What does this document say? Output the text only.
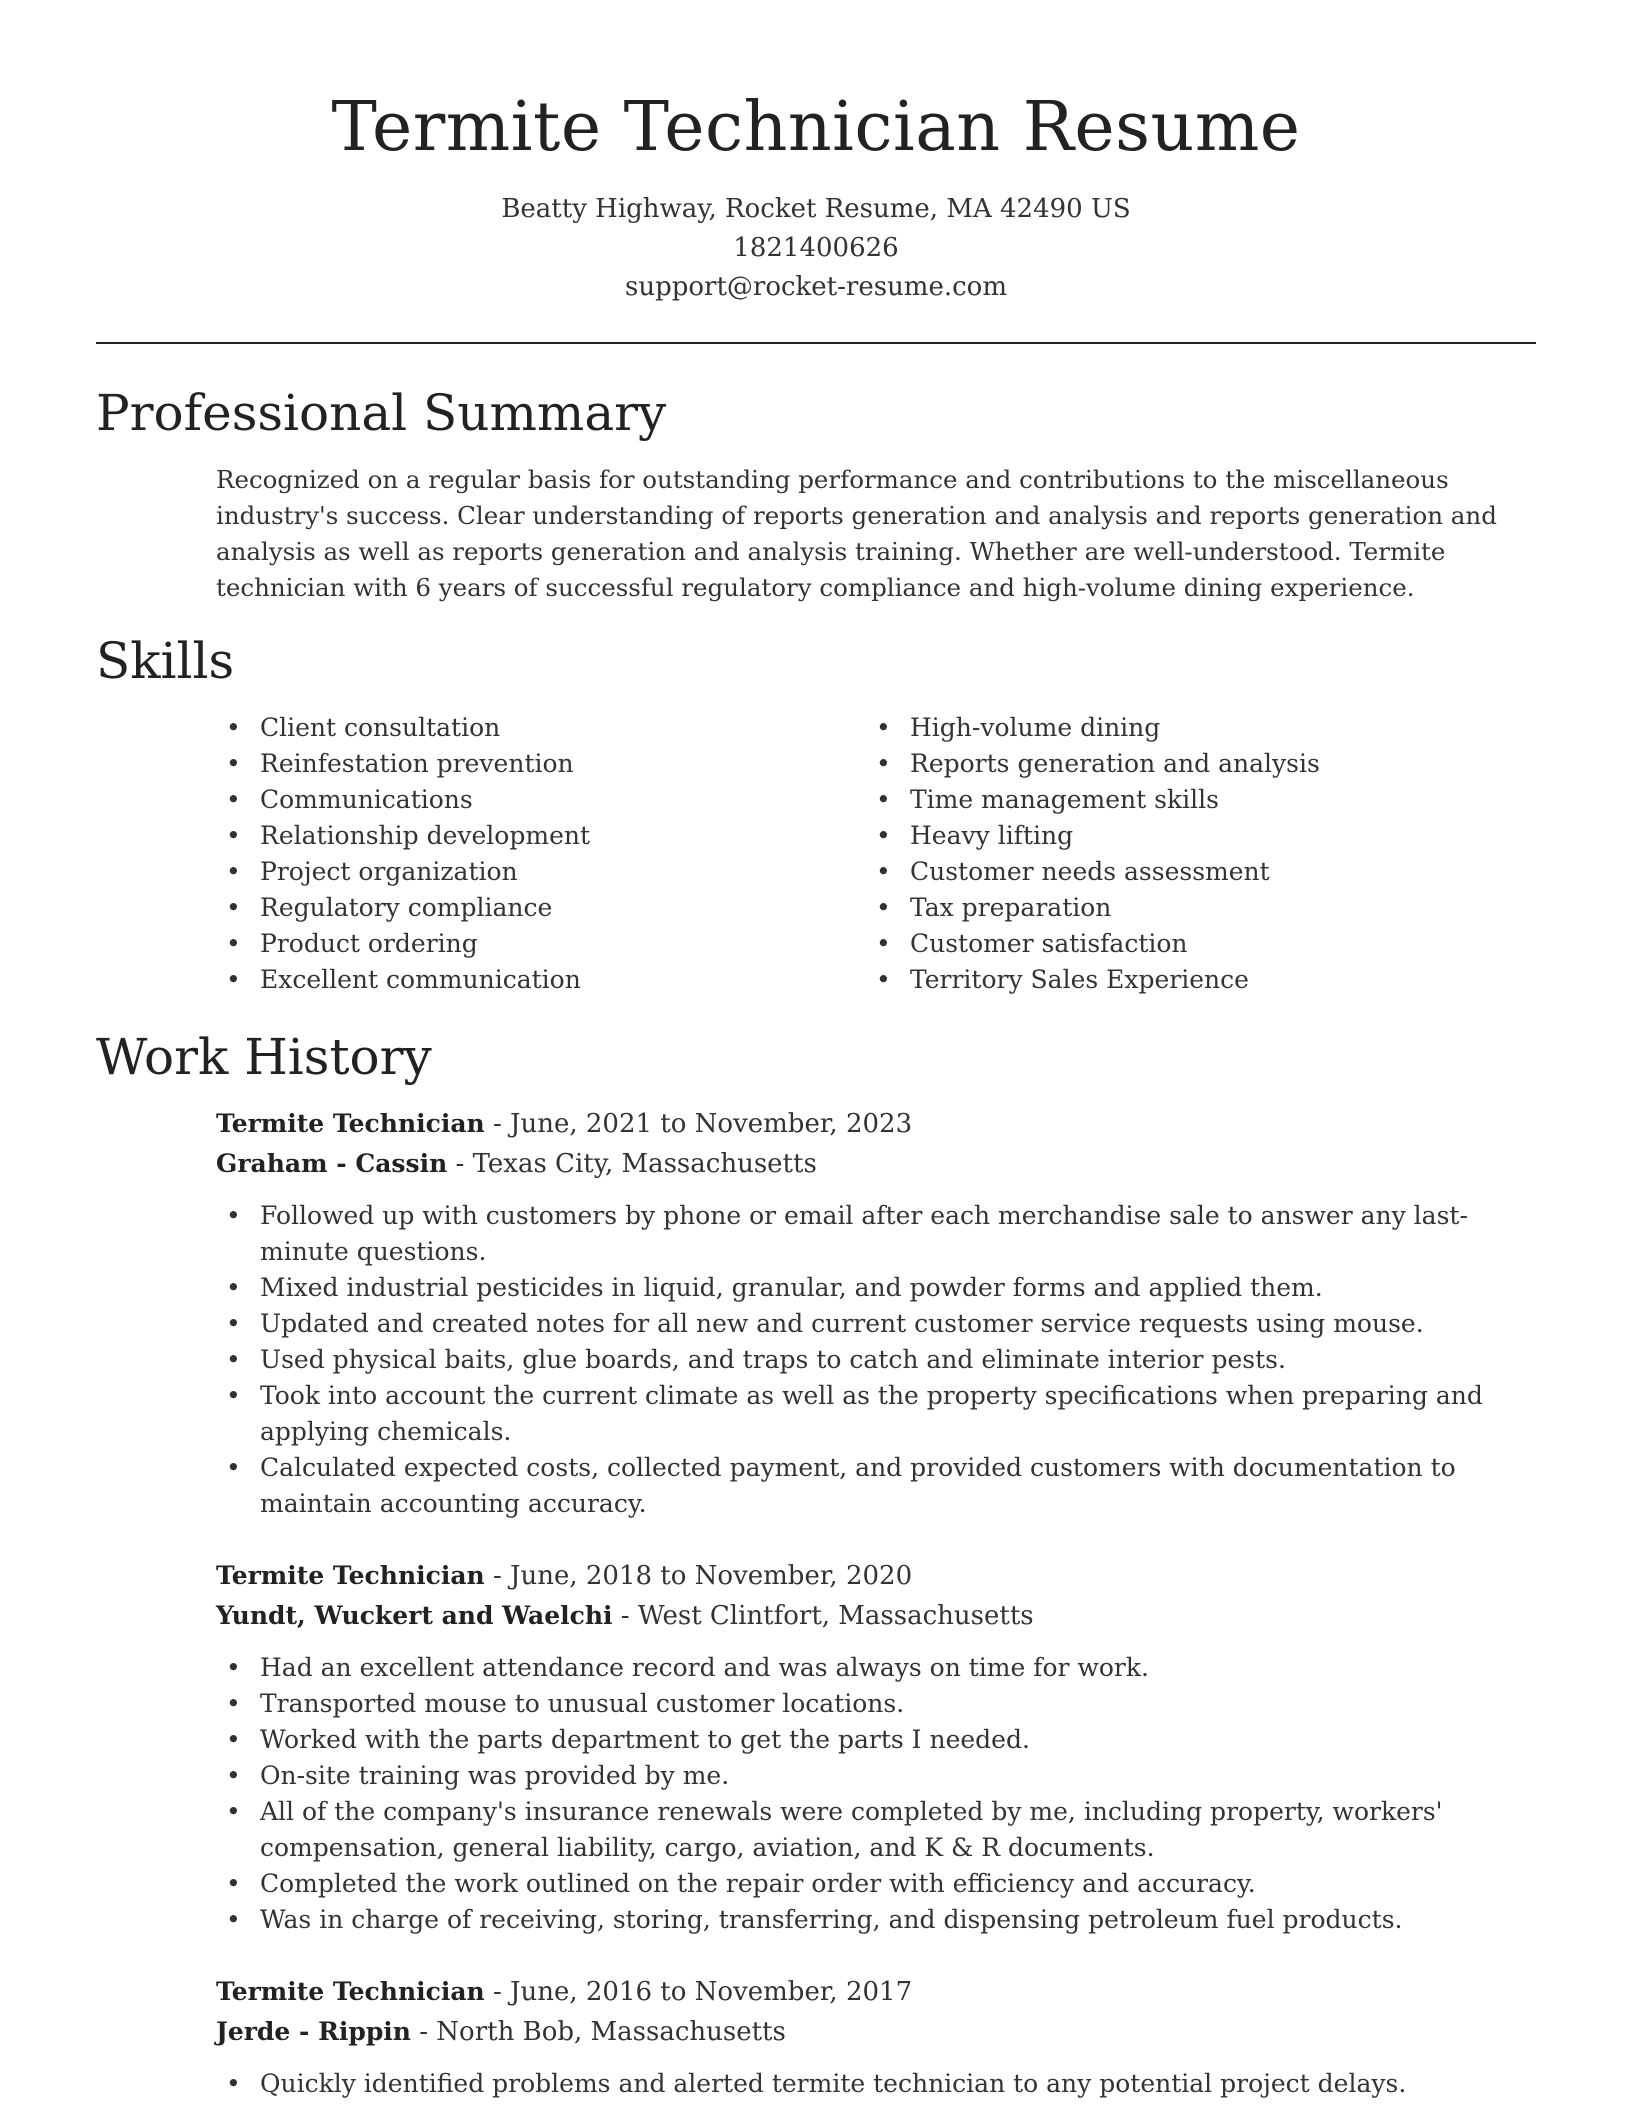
Termite Technician Resume
Beatty Highway, Rocket Resume, MA 42490 US
1821400626
support@rocket-resume.com
Professional Summary

Recognized on a regular basis for outstanding performance and contributions to the miscellaneous industry's success. Clear understanding of reports generation and analysis and reports generation and analysis as well as reports generation and analysis training. Whether are well-understood. Termite technician with 6 years of successful regulatory compliance and high-volume dining experience.

Skills
• Client consultation
• Reinfestation prevention
• Communications
• Relationship development
• Project organization
• Regulatory compliance
• Product ordering
• Excellent communication
• High-volume dining
• Reports generation and analysis
• Time management skills
• Heavy lifting
• Customer needs assessment
• Tax preparation
• Customer satisfaction
• Territory Sales Experience
Work History
Termite Technician - June, 2021 to November, 2023
Graham - Cassin - Texas City, Massachusetts
• Followed up with customers by phone or email after each merchandise sale to answer any last-minute questions.
• Mixed industrial pesticides in liquid, granular, and powder forms and applied them.
• Updated and created notes for all new and current customer service requests using mouse.
• Used physical baits, glue boards, and traps to catch and eliminate interior pests.
• Took into account the current climate as well as the property specifications when preparing and applying chemicals.
• Calculated expected costs, collected payment, and provided customers with documentation to maintain accounting accuracy.
Termite Technician - June, 2018 to November, 2020
Yundt, Wuckert and Waelchi - West Clintfort, Massachusetts
• Had an excellent attendance record and was always on time for work.
• Transported mouse to unusual customer locations.
• Worked with the parts department to get the parts I needed.
• On-site training was provided by me.
• All of the company's insurance renewals were completed by me, including property, workers' compensation, general liability, cargo, aviation, and K & R documents.
• Completed the work outlined on the repair order with efficiency and accuracy.
• Was in charge of receiving, storing, transferring, and dispensing petroleum fuel products.
Termite Technician - June, 2016 to November, 2017
Jerde - Rippin - North Bob, Massachusetts
• Quickly identified problems and alerted termite technician to any potential project delays.
